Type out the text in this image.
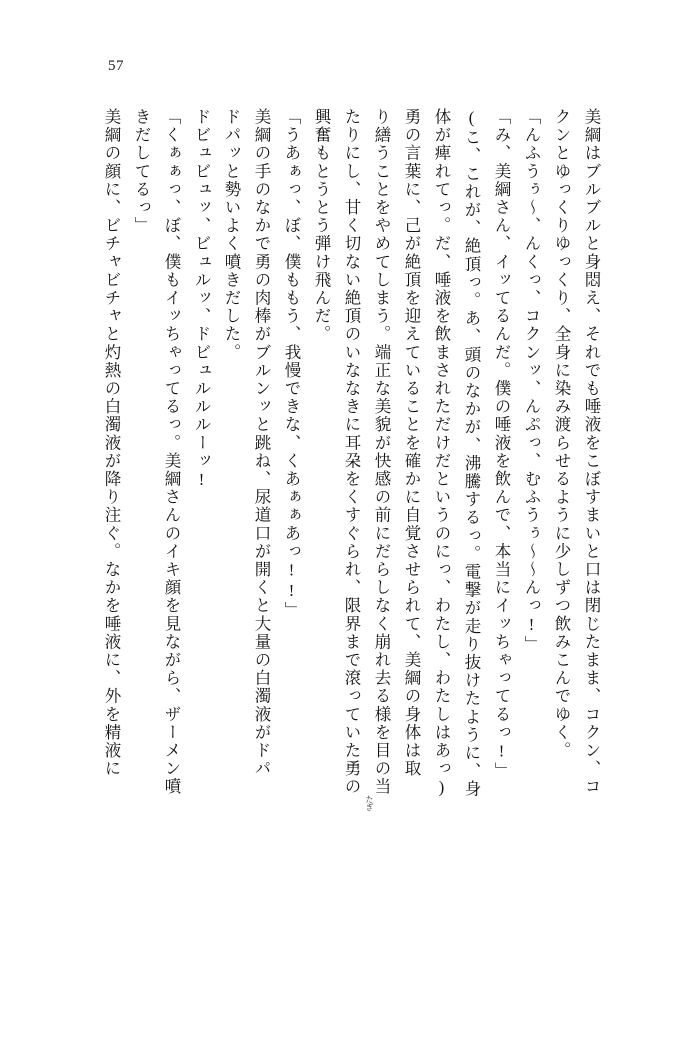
57
美綱はブルブルと身悶え、それでも唾液をこぼすまいと口は閉じたまま、コクン、コ
クンとゆっくりゆっくり、全身に染み渡らせるように少しずつ飲みこんでゆく。
「んふうぅ～、んくっ、コクンッ、んぷっ、むふうぅ～～んっ!」
「み、美綱さん、イッてるんだ。僕の唾液を飲んで、本当にイッちゃってるっ!」
(こ、これが、絶頂っ。あ、頭のなかが、沸騰するっ。電撃が走り抜けたように、身
体が痺れてっ。だ、唾液を飲まされただけだというのにっ、わたし、わたしはあっ)
勇の言葉に、己が絶頂を迎えていることを確かに自覚させられて、美綱の身体は取
り繕うことをやめてしまう。端正な美貌が快感の前にだらしなく崩れ去る様を目の当
たりにし、甘く切ない絶頂のいななきに耳朶をくすぐられ、限界まで滾っていた勇の
興奮もとうとう弾け飛んだ。
「うあぁっ、ぼ、僕ももう、我慢できな、くあぁぁあっ!!」
美綱の手のなかで勇の肉棒がブルンッと跳ね、尿道口が開くと大量の白濁液がドパ
ドパッと勢いよく噴きだした。
ドビュビュッ、ビュルッ、ドビュルルルーッ!
「くぁぁっ、ぼ、僕もイッちゃってるっ。美綱さんのイキ顔を見ながら、ザーメン噴
きだしてるっ」
美綱の顔に、ビチャビチャと灼熱の白濁液が降り注ぐ。なかを唾液に、外を精液に
たぎ
